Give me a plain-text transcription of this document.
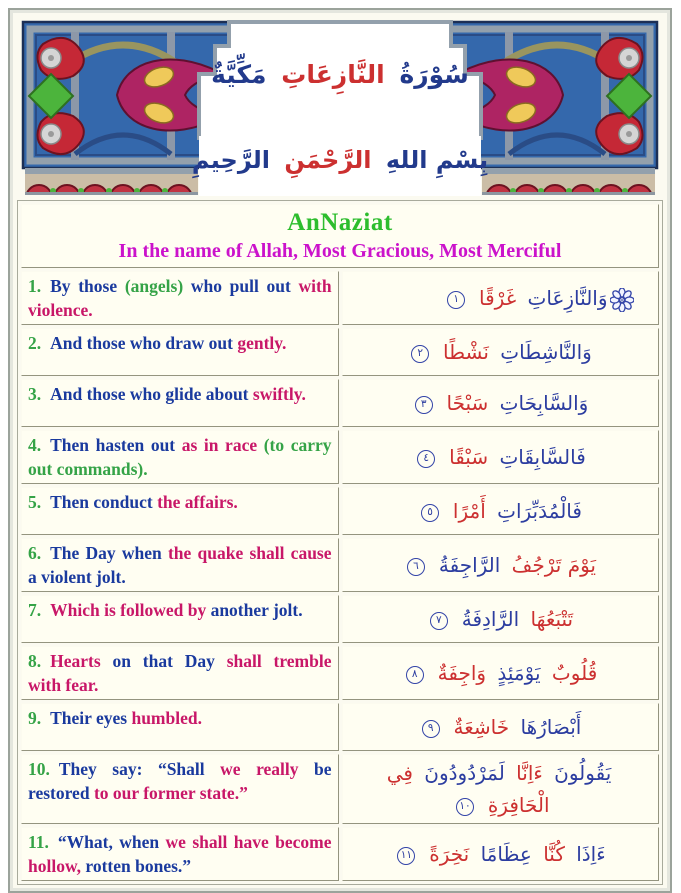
سُوْرَةُ النَّازِعَاتِ مَكِّيَّةٌ
بِسْمِ اللهِ الرَّحْمَنِ الرَّحِيمِ
AnNaziat
In the name of Allah, Most Gracious, Most Merciful	

1. By those (angels) who pull out with violence.	وَالنَّازِعَاتِ غَرْقًا ١

2. And those who draw out gently.	وَالنَّاشِطَاتِ نَشْطًا ٢

3. And those who glide about swiftly.	وَالسَّابِحَاتِ سَبْحًا ٣

4. Then hasten out as in race (to carry out commands).	فَالسَّابِقَاتِ سَبْقًا ٤

5. Then conduct the affairs.	فَالْمُدَبِّرَاتِ أَمْرًا ٥

6. The Day when the quake shall cause a violent jolt.	يَوْمَ تَرْجُفُ الرَّاجِفَةُ ٦

7. Which is followed by another jolt.	تَتْبَعُهَا الرَّادِفَةُ ٧

8. Hearts on that Day shall tremble with fear.	قُلُوبٌ يَوْمَئِذٍ وَاجِفَةٌ ٨

9. Their eyes humbled.	أَبْصَارُهَا خَاشِعَةٌ ٩

10. They say: “Shall we really be restored to our former state.”	يَقُولُونَ ءَاِنَّا لَمَرْدُودُونَ فِي الْحَافِرَةِ ١٠

11. “What, when we shall have become hollow, rotten bones.”	ءَاِذَا كُنَّا عِظَامًا نَخِرَةً ١١
